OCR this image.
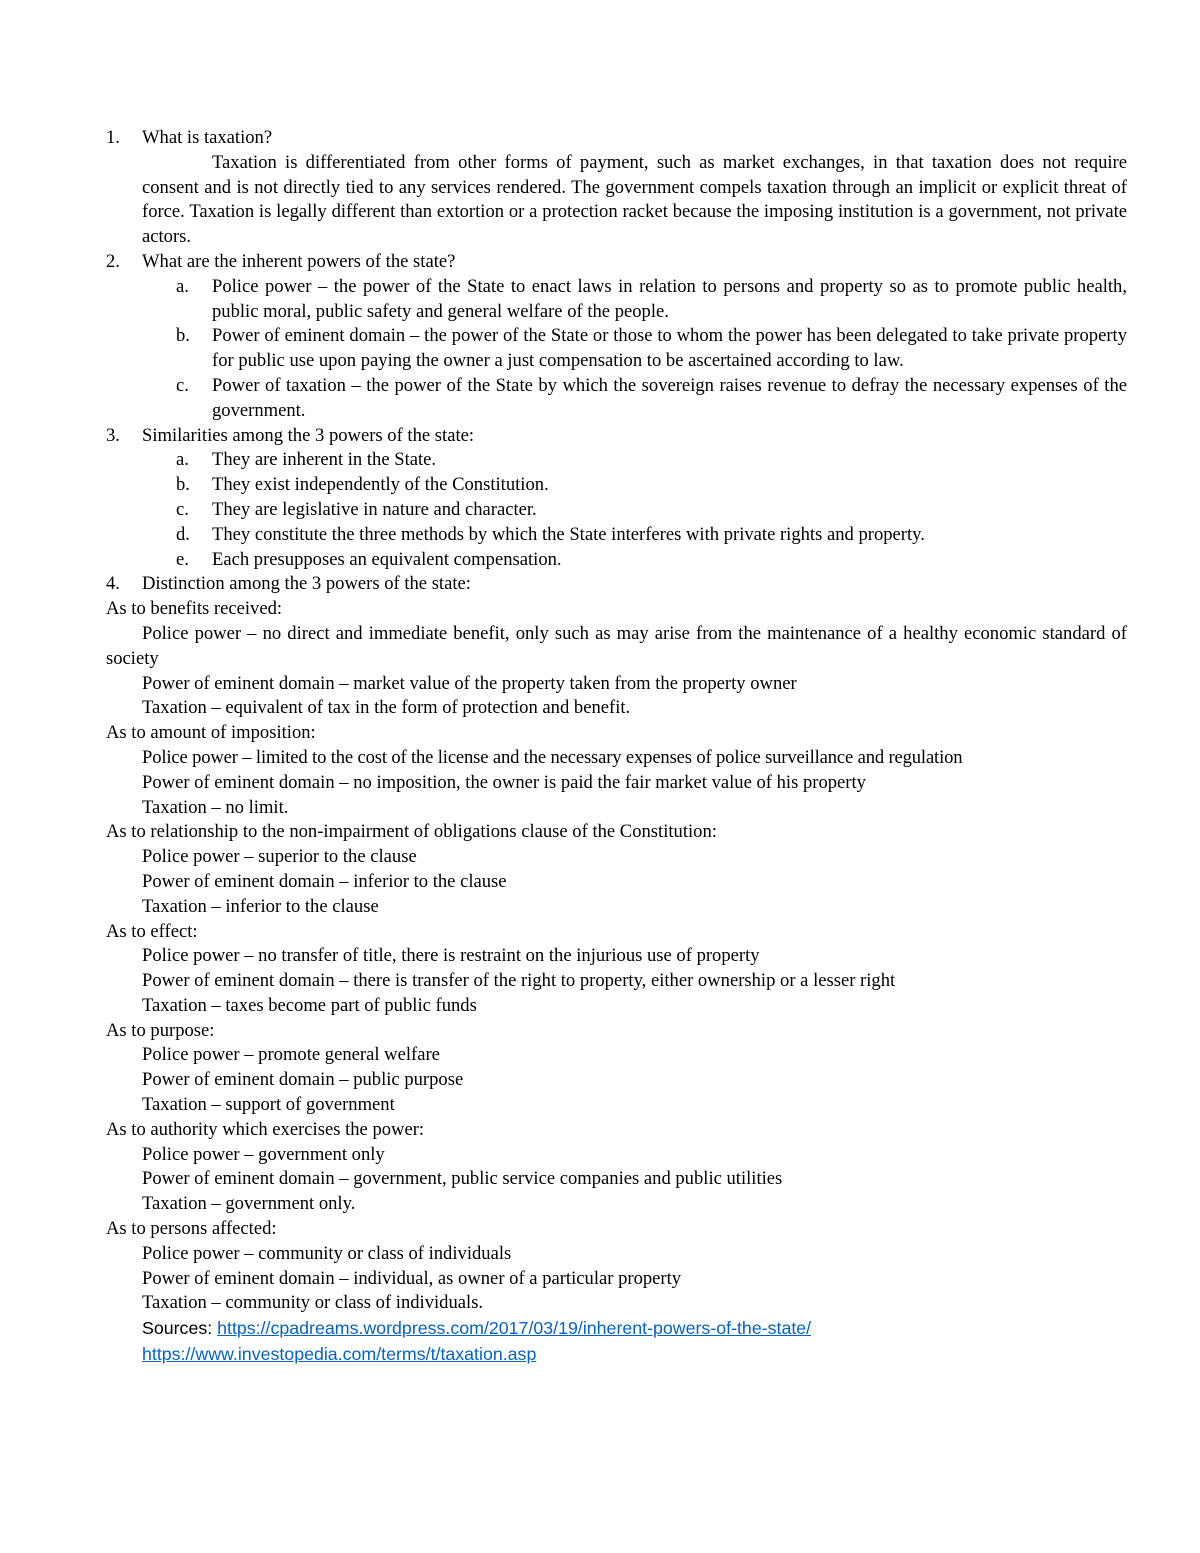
1. What is taxation?
Taxation is differentiated from other forms of payment, such as market exchanges, in that taxation does not require consent and is not directly tied to any services rendered. The government compels taxation through an implicit or explicit threat of force. Taxation is legally different than extortion or a protection racket because the imposing institution is a government, not private actors.
2. What are the inherent powers of the state?
a. Police power – the power of the State to enact laws in relation to persons and property so as to promote public health, public moral, public safety and general welfare of the people.
b. Power of eminent domain – the power of the State or those to whom the power has been delegated to take private property for public use upon paying the owner a just compensation to be ascertained according to law.
c. Power of taxation – the power of the State by which the sovereign raises revenue to defray the necessary expenses of the government.
3. Similarities among the 3 powers of the state:
a. They are inherent in the State.
b. They exist independently of the Constitution.
c. They are legislative in nature and character.
d. They constitute the three methods by which the State interferes with private rights and property.
e. Each presupposes an equivalent compensation.
4. Distinction among the 3 powers of the state:
As to benefits received:
Police power – no direct and immediate benefit, only such as may arise from the maintenance of a healthy economic standard of society
Power of eminent domain – market value of the property taken from the property owner
Taxation – equivalent of tax in the form of protection and benefit.
As to amount of imposition:
Police power – limited to the cost of the license and the necessary expenses of police surveillance and regulation
Power of eminent domain – no imposition, the owner is paid the fair market value of his property
Taxation – no limit.
As to relationship to the non-impairment of obligations clause of the Constitution:
Police power – superior to the clause
Power of eminent domain – inferior to the clause
Taxation – inferior to the clause
As to effect:
Police power – no transfer of title, there is restraint on the injurious use of property
Power of eminent domain – there is transfer of the right to property, either ownership or a lesser right
Taxation – taxes become part of public funds
As to purpose:
Police power – promote general welfare
Power of eminent domain – public purpose
Taxation – support of government
As to authority which exercises the power:
Police power – government only
Power of eminent domain – government, public service companies and public utilities
Taxation – government only.
As to persons affected:
Police power – community or class of individuals
Power of eminent domain – individual, as owner of a particular property
Taxation – community or class of individuals.
Sources: https://cpadreams.wordpress.com/2017/03/19/inherent-powers-of-the-state/
https://www.investopedia.com/terms/t/taxation.asp
